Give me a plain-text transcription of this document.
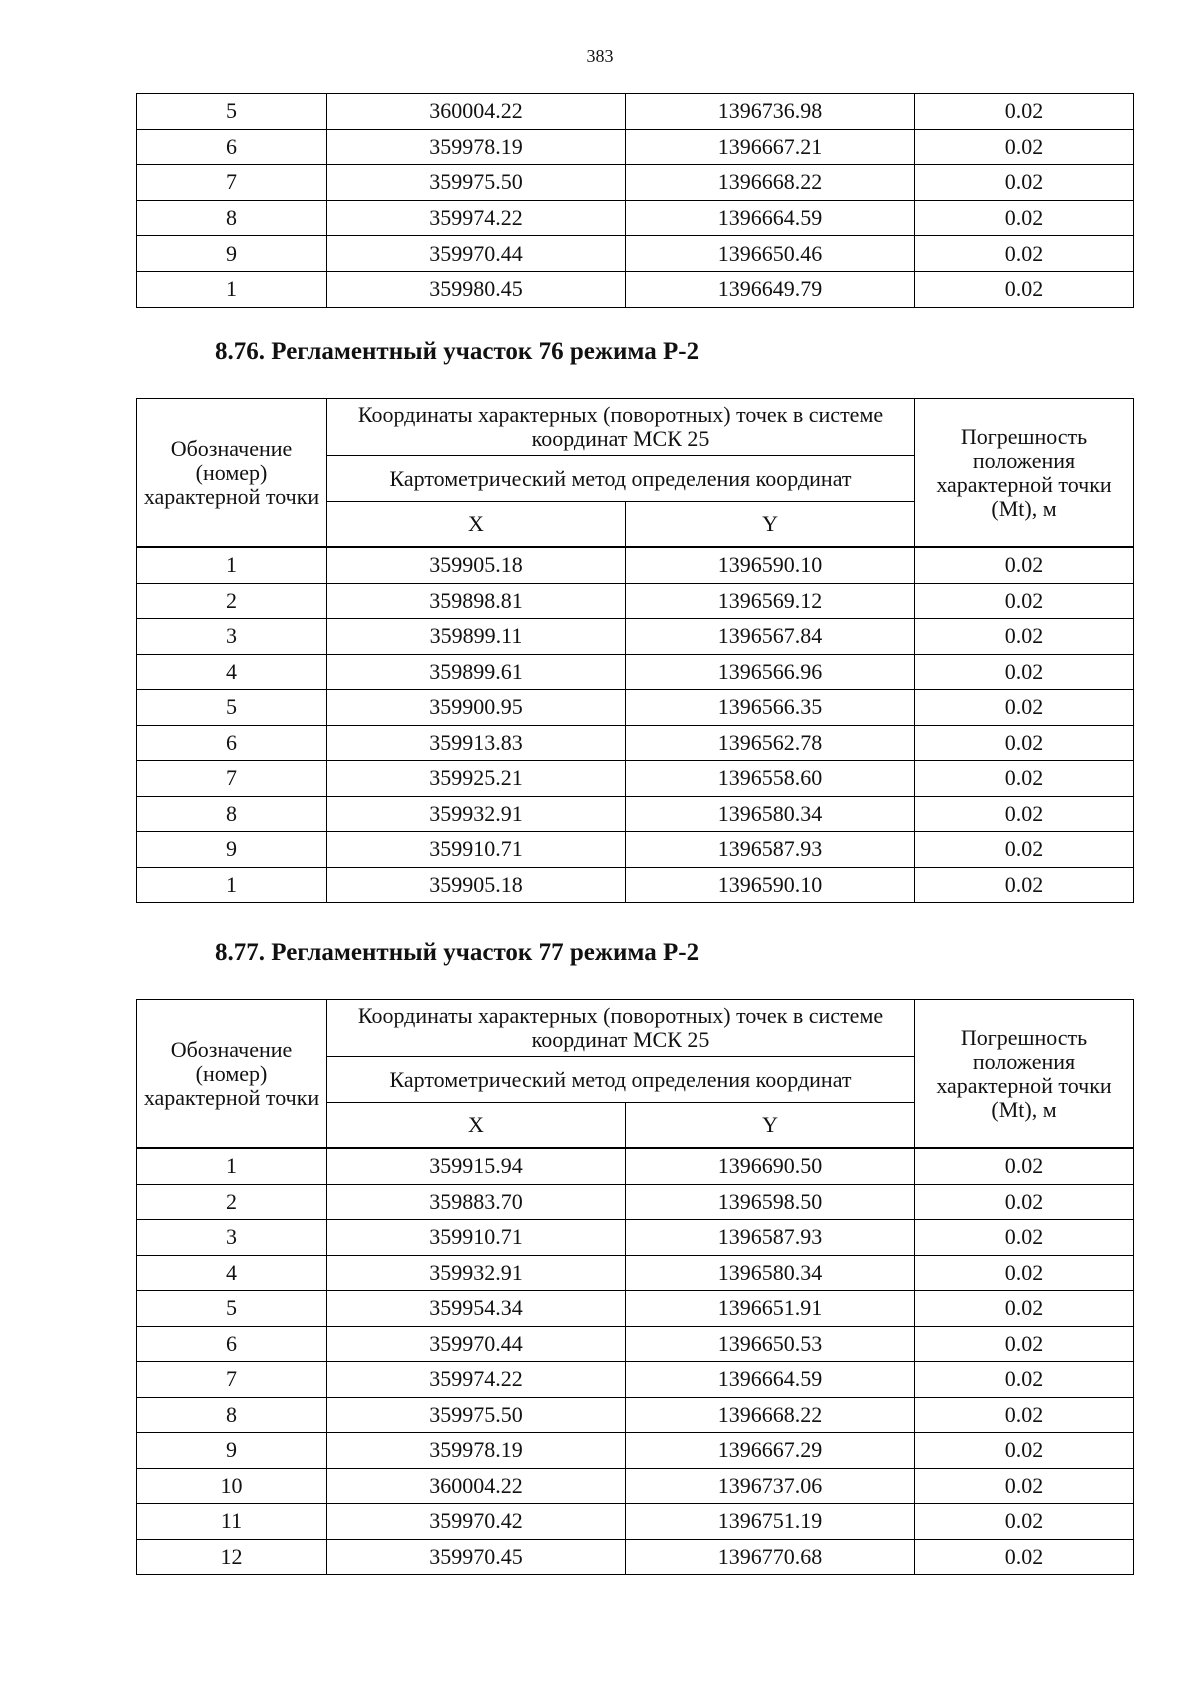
383
5	360004.22	1396736.98	0.02
6	359978.19	1396667.21	0.02
7	359975.50	1396668.22	0.02
8	359974.22	1396664.59	0.02
9	359970.44	1396650.46	0.02
1	359980.45	1396649.79	0.02
8.76. Регламентный участок 76 режима Р-2
Обозначение (номер) характерной точки	Координаты характерных (поворотных) точек в системе координат МСК 25		Погрешность положения характерной точки (Mt), м
	Картометрический метод определения координат		
	X	Y	
1	359905.18	1396590.10	0.02
2	359898.81	1396569.12	0.02
3	359899.11	1396567.84	0.02
4	359899.61	1396566.96	0.02
5	359900.95	1396566.35	0.02
6	359913.83	1396562.78	0.02
7	359925.21	1396558.60	0.02
8	359932.91	1396580.34	0.02
9	359910.71	1396587.93	0.02
1	359905.18	1396590.10	0.02
8.77. Регламентный участок 77 режима Р-2
Обозначение (номер) характерной точки	Координаты характерных (поворотных) точек в системе координат МСК 25		Погрешность положения характерной точки (Mt), м
	Картометрический метод определения координат		
	X	Y	
1	359915.94	1396690.50	0.02
2	359883.70	1396598.50	0.02
3	359910.71	1396587.93	0.02
4	359932.91	1396580.34	0.02
5	359954.34	1396651.91	0.02
6	359970.44	1396650.53	0.02
7	359974.22	1396664.59	0.02
8	359975.50	1396668.22	0.02
9	359978.19	1396667.29	0.02
10	360004.22	1396737.06	0.02
11	359970.42	1396751.19	0.02
12	359970.45	1396770.68	0.02
